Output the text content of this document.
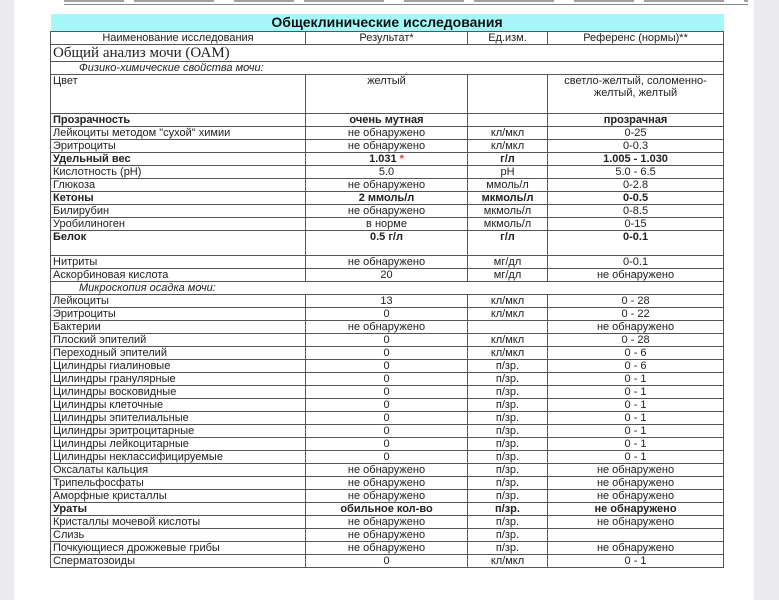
Общеклинические исследования			
Наименование исследования	Результат*	Ед.изм.	Референс (нормы)**
Общий анализ мочи (ОАМ)			
Физико-химические свойства мочи:			
Цвет	желтый		светло-желтый, соломенно-желтый, желтый
Прозрачность	очень мутная		прозрачная
Лейкоциты методом "сухой" химии	не обнаружено	кл/мкл	0-25
Эритроциты	не обнаружено	кл/мкл	0-0.3
Удельный вес	1.031 *	г/л	1.005 - 1.030
Кислотность (рН)	5.0	pH	5.0 - 6.5
Глюкоза	не обнаружено	ммоль/л	0-2.8
Кетоны	2 ммоль/л	мкмоль/л	0-0.5
Билирубин	не обнаружено	мкмоль/л	0-8.5
Уробилиноген	в норме	мкмоль/л	0-15
Белок	0.5 г/л	г/л	0-0.1
Нитриты	не обнаружено	мг/дл	0-0.1
Аскорбиновая кислота	20	мг/дл	не обнаружено
Микроскопия осадка мочи:			
Лейкоциты	13	кл/мкл	0 - 28
Эритроциты	0	кл/мкл	0 - 22
Бактерии	не обнаружено		не обнаружено
Плоский эпителий	0	кл/мкл	0 - 28
Переходный эпителий	0	кл/мкл	0 - 6
Цилиндры гиалиновые	0	п/зр.	0 - 6
Цилиндры гранулярные	0	п/зр.	0 - 1
Цилиндры восковидные	0	п/зр.	0 - 1
Цилиндры клеточные	0	п/зр.	0 - 1
Цилиндры эпителиальные	0	п/зр.	0 - 1
Цилиндры эритроцитарные	0	п/зр.	0 - 1
Цилиндры лейкоцитарные	0	п/зр.	0 - 1
Цилиндры неклассифицируемые	0	п/зр.	0 - 1
Оксалаты кальция	не обнаружено	п/зр.	не обнаружено
Трипельфосфаты	не обнаружено	п/зр.	не обнаружено
Аморфные кристаллы	не обнаружено	п/зр.	не обнаружено
Ураты	обильное кол-во	п/зр.	не обнаружено
Кристаллы мочевой кислоты	не обнаружено	п/зр.	не обнаружено
Слизь	не обнаружено	п/зр.	
Почкующиеся дрожжевые грибы	не обнаружено	п/зр.	не обнаружено
Сперматозоиды	0	кл/мкл	0 - 1
